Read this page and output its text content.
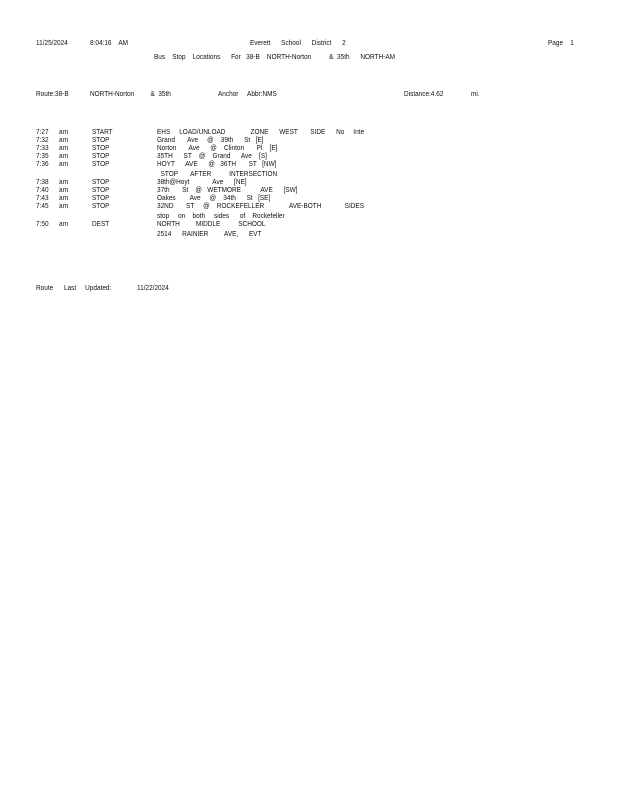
11/25/2024	8:04:16    AM	Everett      School      District      2	Page    1
Bus    Stop    Locations      For   38-B    NORTH-Norton          &  35th      NORTH-AM
Route:38-B	NORTH-Norton         &  35th	Anchor     Abbr:NMS	Distance:4.62	mi.
7:27 am	START	EHS     LOAD/UNLOAD              ZONE      WEST       SIDE      No     Inte
7:32 am	STOP	Grand       Ave     @    39th      St   [E]
7:33 am	STOP	Norton       Ave      @    Clinton       Pl    [E]
7:35 am	STOP	35TH      ST    @    Grand      Ave    [S]
7:36 am	STOP	HOYT      AVE      @   36TH       ST   [NW]
STOP       AFTER          INTERSECTION
7:38 am	STOP	38th@Hoyt             Ave      [NE]
7:40 am	STOP	37th       St    @   WETMORE           AVE      [SW]
7:43 am	STOP	Oakes        Ave     @    34th      St   [SE]
7:45 am	STOP	32ND       ST     @    ROCKEFELLER              AVE-BOTH             SIDES
stop     on    both     sides      of    Rockefeller
7:50 am	DEST	NORTH         MIDDLE          SCHOOL
2514      RAINIER         AVE,      EVT
Route      Last     Updated:	11/22/2024
